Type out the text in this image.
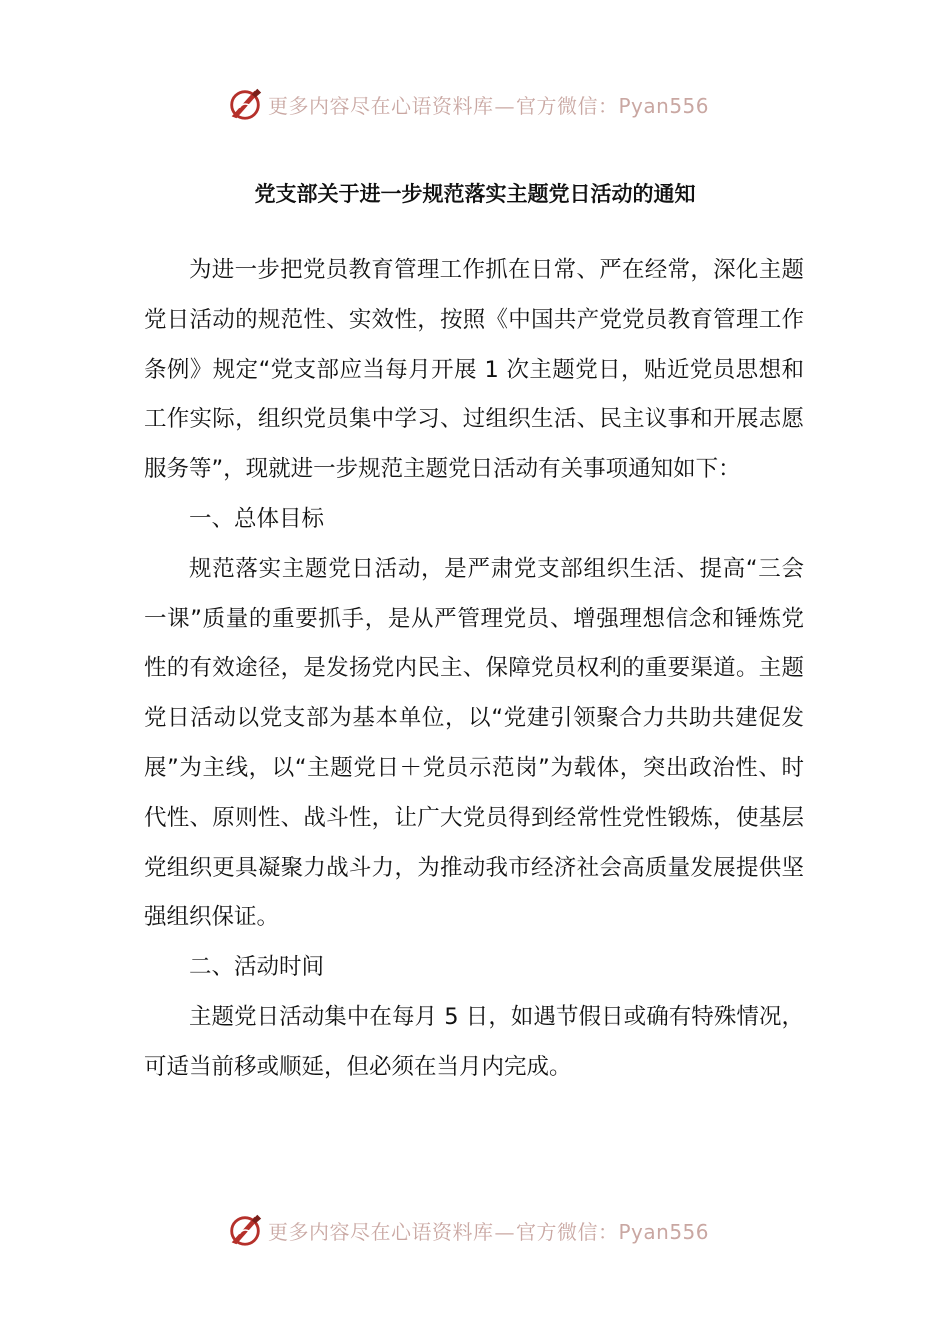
更多内容尽在心语资料库—官方微信：Pyan556
党支部关于进一步规范落实主题党日活动的通知

为进一步把党员教育管理工作抓在日常、严在经常，深化主题党日活动的规范性、实效性，按照《中国共产党党员教育管理工作条例》规定“党支部应当每月开展 1 次主题党日，贴近党员思想和工作实际，组织党员集中学习、过组织生活、民主议事和开展志愿服务等”，现就进一步规范主题党日活动有关事项通知如下：

一、总体目标

规范落实主题党日活动，是严肃党支部组织生活、提高“三会一课”质量的重要抓手，是从严管理党员、增强理想信念和锤炼党性的有效途径，是发扬党内民主、保障党员权利的重要渠道。主题党日活动以党支部为基本单位，以“党建引领聚合力共助共建促发展”为主线，以“主题党日＋党员示范岗”为载体，突出政治性、时代性、原则性、战斗性，让广大党员得到经常性党性锻炼，使基层党组织更具凝聚力战斗力，为推动我市经济社会高质量发展提供坚强组织保证。

二、活动时间

主题党日活动集中在每月 5 日，如遇节假日或确有特殊情况，可适当前移或顺延，但必须在当月内完成。

更多内容尽在心语资料库—官方微信：Pyan556
